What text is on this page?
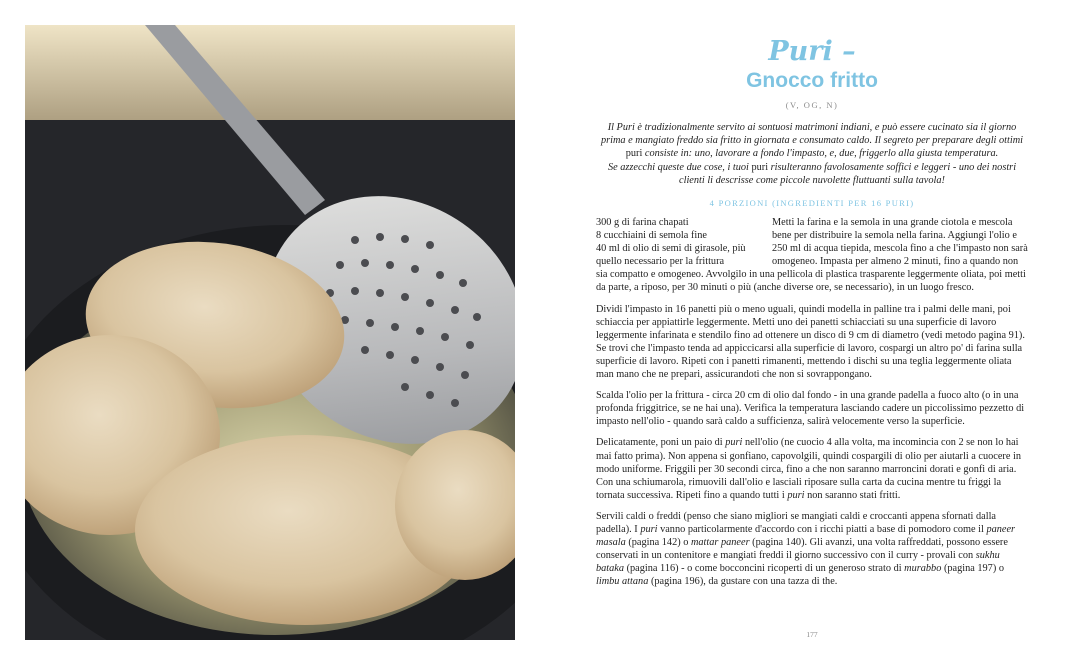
Puri –
Gnocco fritto
(V, OG, N)

Il Puri è tradizionalmente servito ai sontuosi matrimoni indiani, e può essere cucinato sia il giorno
prima e mangiato freddo sia fritto in giornata e consumato caldo. Il segreto per preparare degli ottimi
puri consiste in: uno, lavorare a fondo l'impasto, e, due, friggerlo alla giusta temperatura.
Se azzecchi queste due cose, i tuoi puri risulteranno favolosamente soffici e leggeri - uno dei nostri
clienti li descrisse come piccole nuvolette fluttuanti sulla tavola!

4 PORZIONI (INGREDIENTI PER 16 PURI)
300 g di farina chapati
8 cucchiaini di semola fine
40 ml di olio di semi di girasole, più
quello necessario per la frittura

Metti la farina e la semola in una grande ciotola e mescola bene per distribuire la semola nella farina. Aggiungi l'olio e 250 ml di acqua tiepida, mescola fino a che l'impasto non sarà omogeneo. Impasta per almeno 2 minuti, fino a quando non sia compatto e omogeneo. Avvolgilo in una pellicola di plastica trasparente leggermente oliata, poi metti da parte, a riposo, per 30 minuti o più (anche diverse ore, se necessario), in un luogo fresco.

Dividi l'impasto in 16 panetti più o meno uguali, quindi modella in palline tra i palmi delle mani, poi schiaccia per appiattirle leggermente. Metti uno dei panetti schiacciati su una superficie di lavoro leggermente infarinata e stendilo fino ad ottenere un disco di 9 cm di diametro (vedi metodo pagina 91). Se trovi che l'impasto tenda ad appiccicarsi alla superficie di lavoro, cospargi un altro po' di farina sulla superficie di lavoro. Ripeti con i panetti rimanenti, mettendo i dischi su una teglia leggermente oliata man mano che ne prepari, assicurandoti che non si sovrappongano.

Scalda l'olio per la frittura - circa 20 cm di olio dal fondo - in una grande padella a fuoco alto (o in una profonda friggitrice, se ne hai una). Verifica la temperatura lasciando cadere un piccolissimo pezzetto di impasto nell'olio - quando sarà caldo a sufficienza, salirà velocemente verso la superficie.

Delicatamente, poni un paio di puri nell'olio (ne cuocio 4 alla volta, ma incomincia con 2 se non lo hai mai fatto prima). Non appena si gonfiano, capovolgili, quindi cospargili di olio per aiutarli a cuocere in modo uniforme. Friggili per 30 secondi circa, fino a che non saranno marroncini dorati e gonfi di aria. Con una schiumarola, rimuovili dall'olio e lasciali riposare sulla carta da cucina mentre tu friggi la tornata successiva. Ripeti fino a quando tutti i puri non saranno stati fritti.

Servili caldi o freddi (penso che siano migliori se mangiati caldi e croccanti appena sfornati dalla padella). I puri vanno particolarmente d'accordo con i ricchi piatti a base di pomodoro come il paneer masala (pagina 142) o mattar paneer (pagina 140). Gli avanzi, una volta raffreddati, possono essere conservati in un contenitore e mangiati freddi il giorno successivo con il curry - provali con sukhu bataka (pagina 116) - o come bocconcini ricoperti di un generoso strato di murabbo (pagina 197) o limbu attana (pagina 196), da gustare con una tazza di the.

177
